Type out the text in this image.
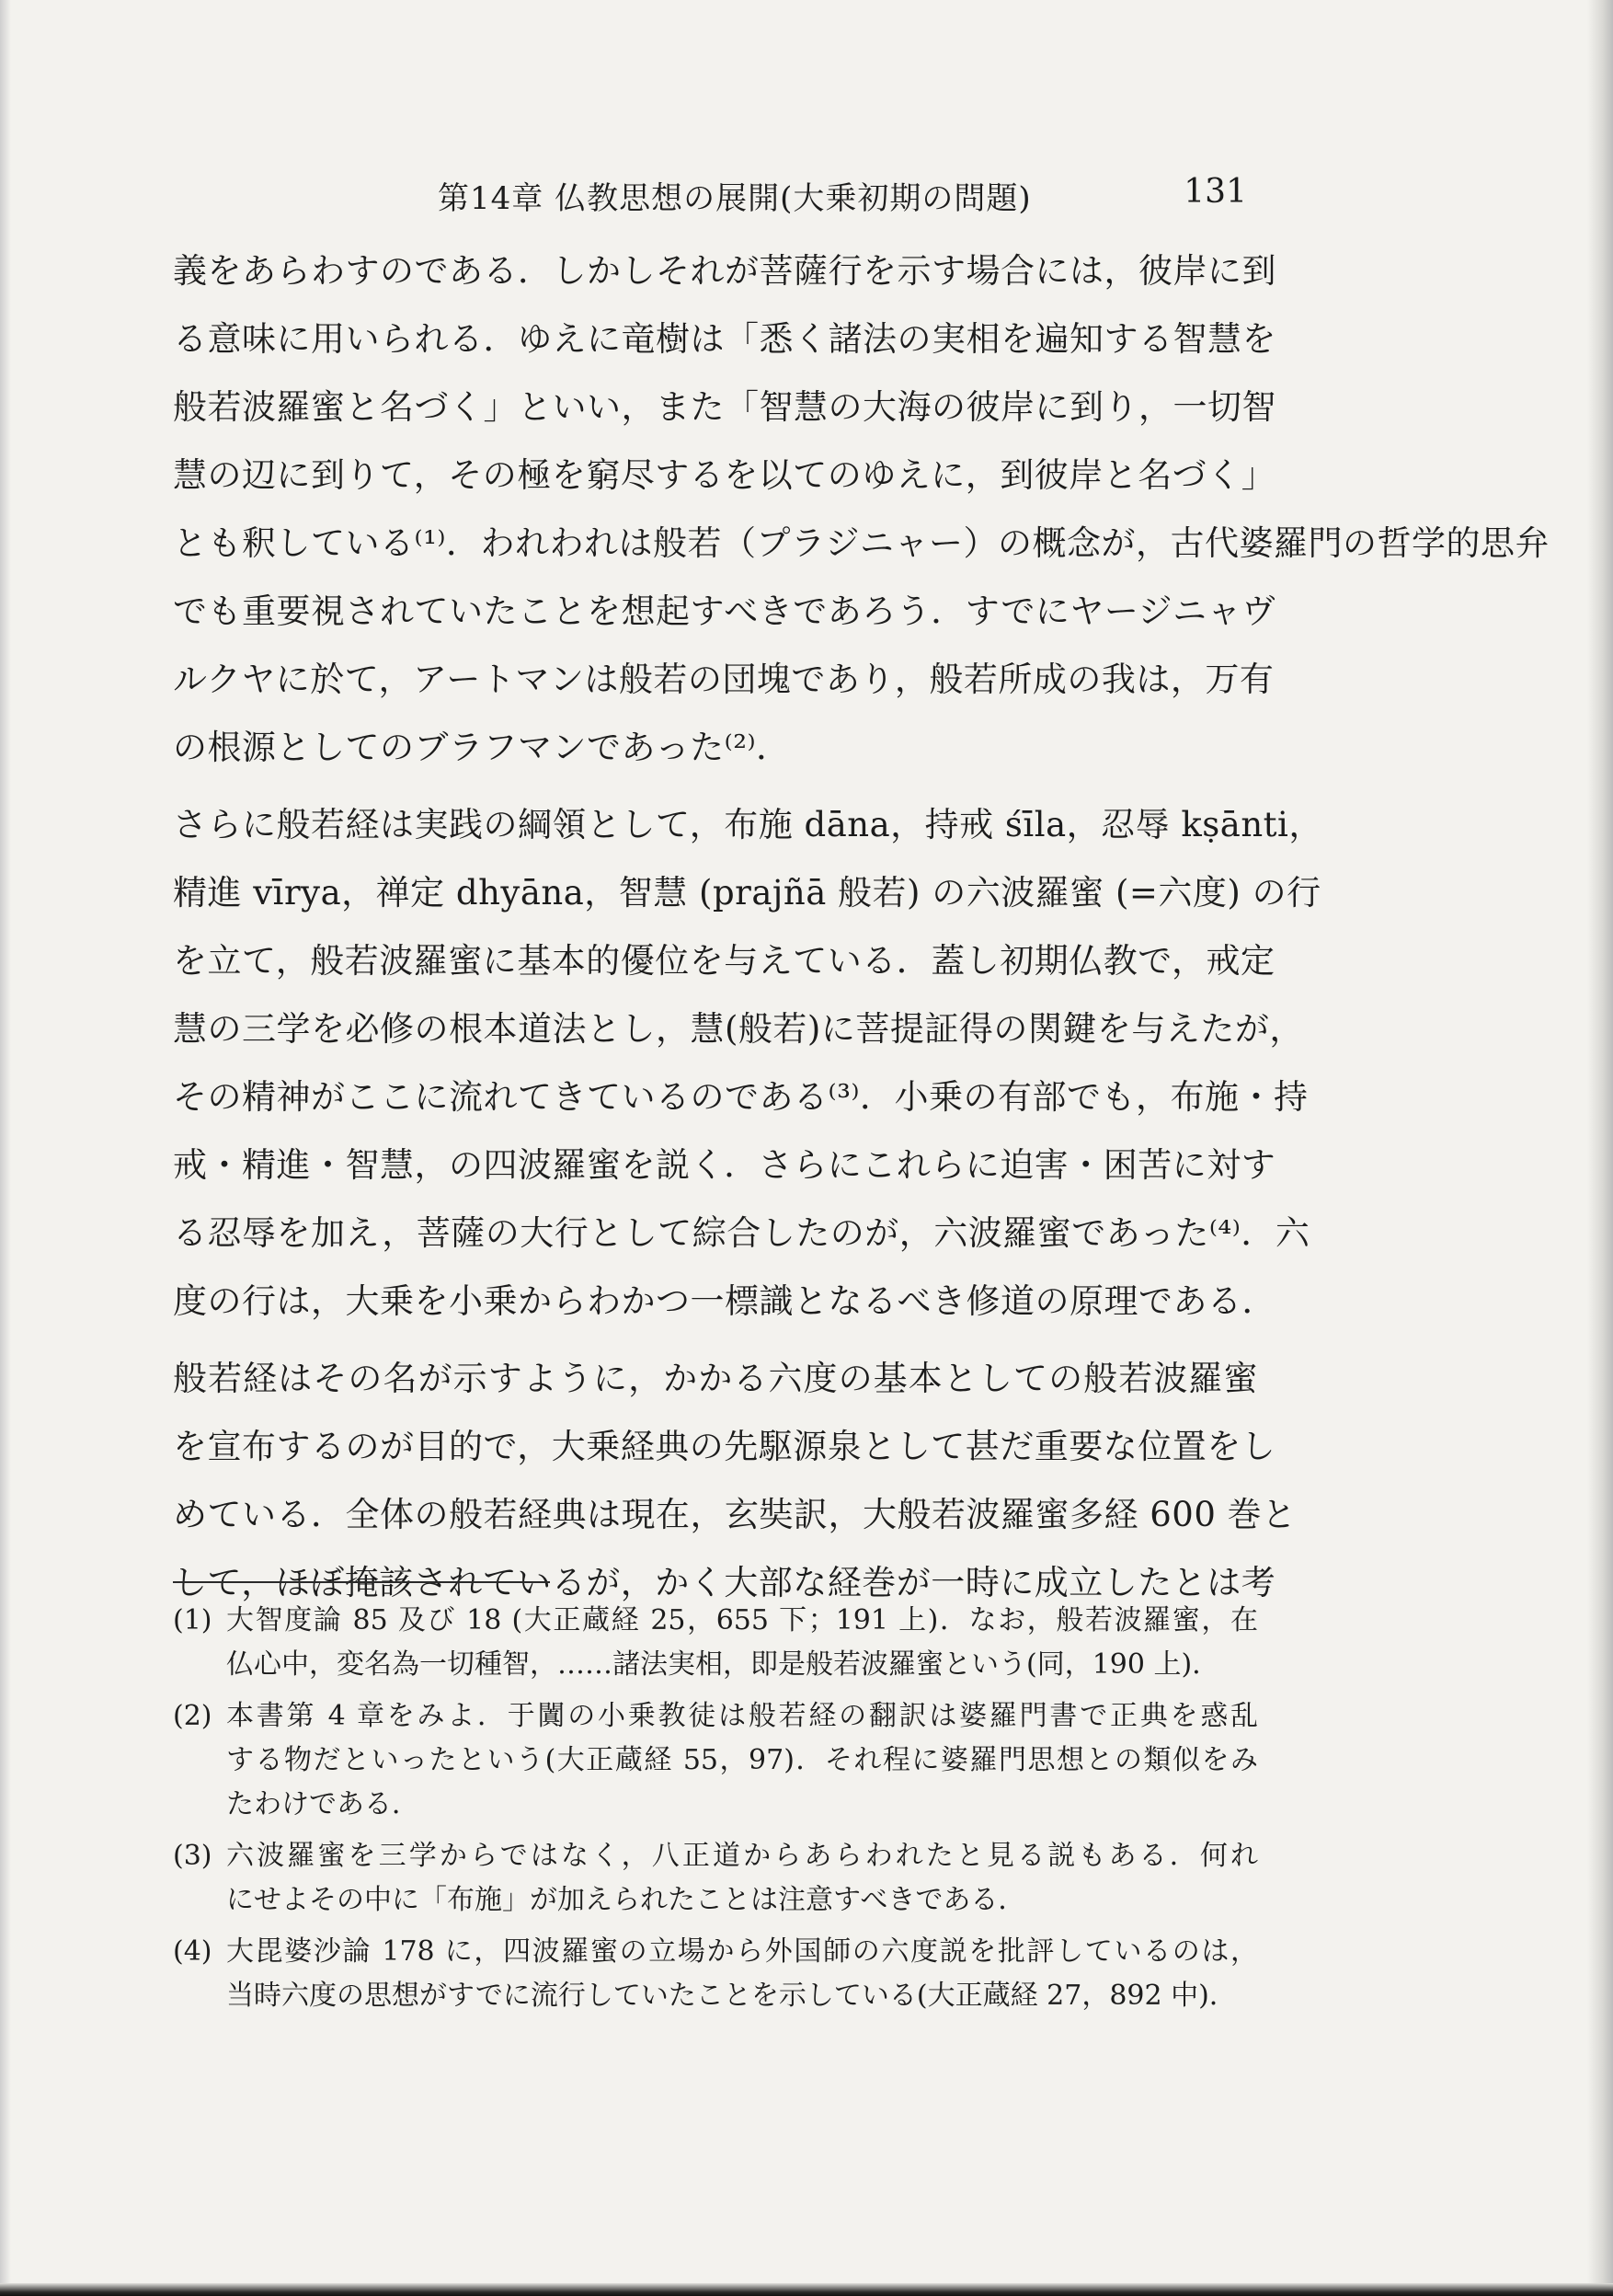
第14章 仏教思想の展開(大乗初期の問題)	131
義をあらわすのである．しかしそれが菩薩行を示す場合には，彼岸に到
る意味に用いられる．ゆえに竜樹は「悉く諸法の実相を遍知する智慧を
般若波羅蜜と名づく」といい，また「智慧の大海の彼岸に到り，一切智
慧の辺に到りて，その極を窮尽するを以てのゆえに，到彼岸と名づく」
とも釈している⁽¹⁾．われわれは般若（プラジニャー）の概念が，古代婆羅門の哲学的思弁
でも重要視されていたことを想起すべきであろう．すでにヤージニャヴ
ルクヤに於て，アートマンは般若の団塊であり，般若所成の我は，万有
の根源としてのブラフマンであった⁽²⁾．
さらに般若経は実践の綱領として，布施 dāna，持戒 śīla，忍辱 kṣānti，
精進 vīrya，禅定 dhyāna，智慧 (prajñā 般若) の六波羅蜜 (=六度) の行
を立て，般若波羅蜜に基本的優位を与えている．蓋し初期仏教で，戒定
慧の三学を必修の根本道法とし，慧(般若)に菩提証得の関鍵を与えたが，
その精神がここに流れてきているのである⁽³⁾．小乗の有部でも，布施・持
戒・精進・智慧，の四波羅蜜を説く．さらにこれらに迫害・困苦に対す
る忍辱を加え，菩薩の大行として綜合したのが，六波羅蜜であった⁽⁴⁾．六
度の行は，大乗を小乗からわかつ一標識となるべき修道の原理である．
般若経はその名が示すように，かかる六度の基本としての般若波羅蜜
を宣布するのが目的で，大乗経典の先駆源泉として甚だ重要な位置をし
めている．全体の般若経典は現在，玄奘訳，大般若波羅蜜多経 600 巻と
して，ほぼ掩該されているが，かく大部な経巻が一時に成立したとは考
(1) 大智度論 85 及び 18 (大正蔵経 25，655 下；191 上)．なお，般若波羅蜜，在
仏心中，変名為一切種智，……諸法実相，即是般若波羅蜜という(同，190 上)．
(2) 本書第 4 章をみよ．于闐の小乗教徒は般若経の翻訳は婆羅門書で正典を惑乱
する物だといったという(大正蔵経 55，97)．それ程に婆羅門思想との類似をみ
たわけである．
(3) 六波羅蜜を三学からではなく，八正道からあらわれたと見る説もある．何れ
にせよその中に「布施」が加えられたことは注意すべきである．
(4) 大毘婆沙論 178 に，四波羅蜜の立場から外国師の六度説を批評しているのは，
当時六度の思想がすでに流行していたことを示している(大正蔵経 27，892 中)．
